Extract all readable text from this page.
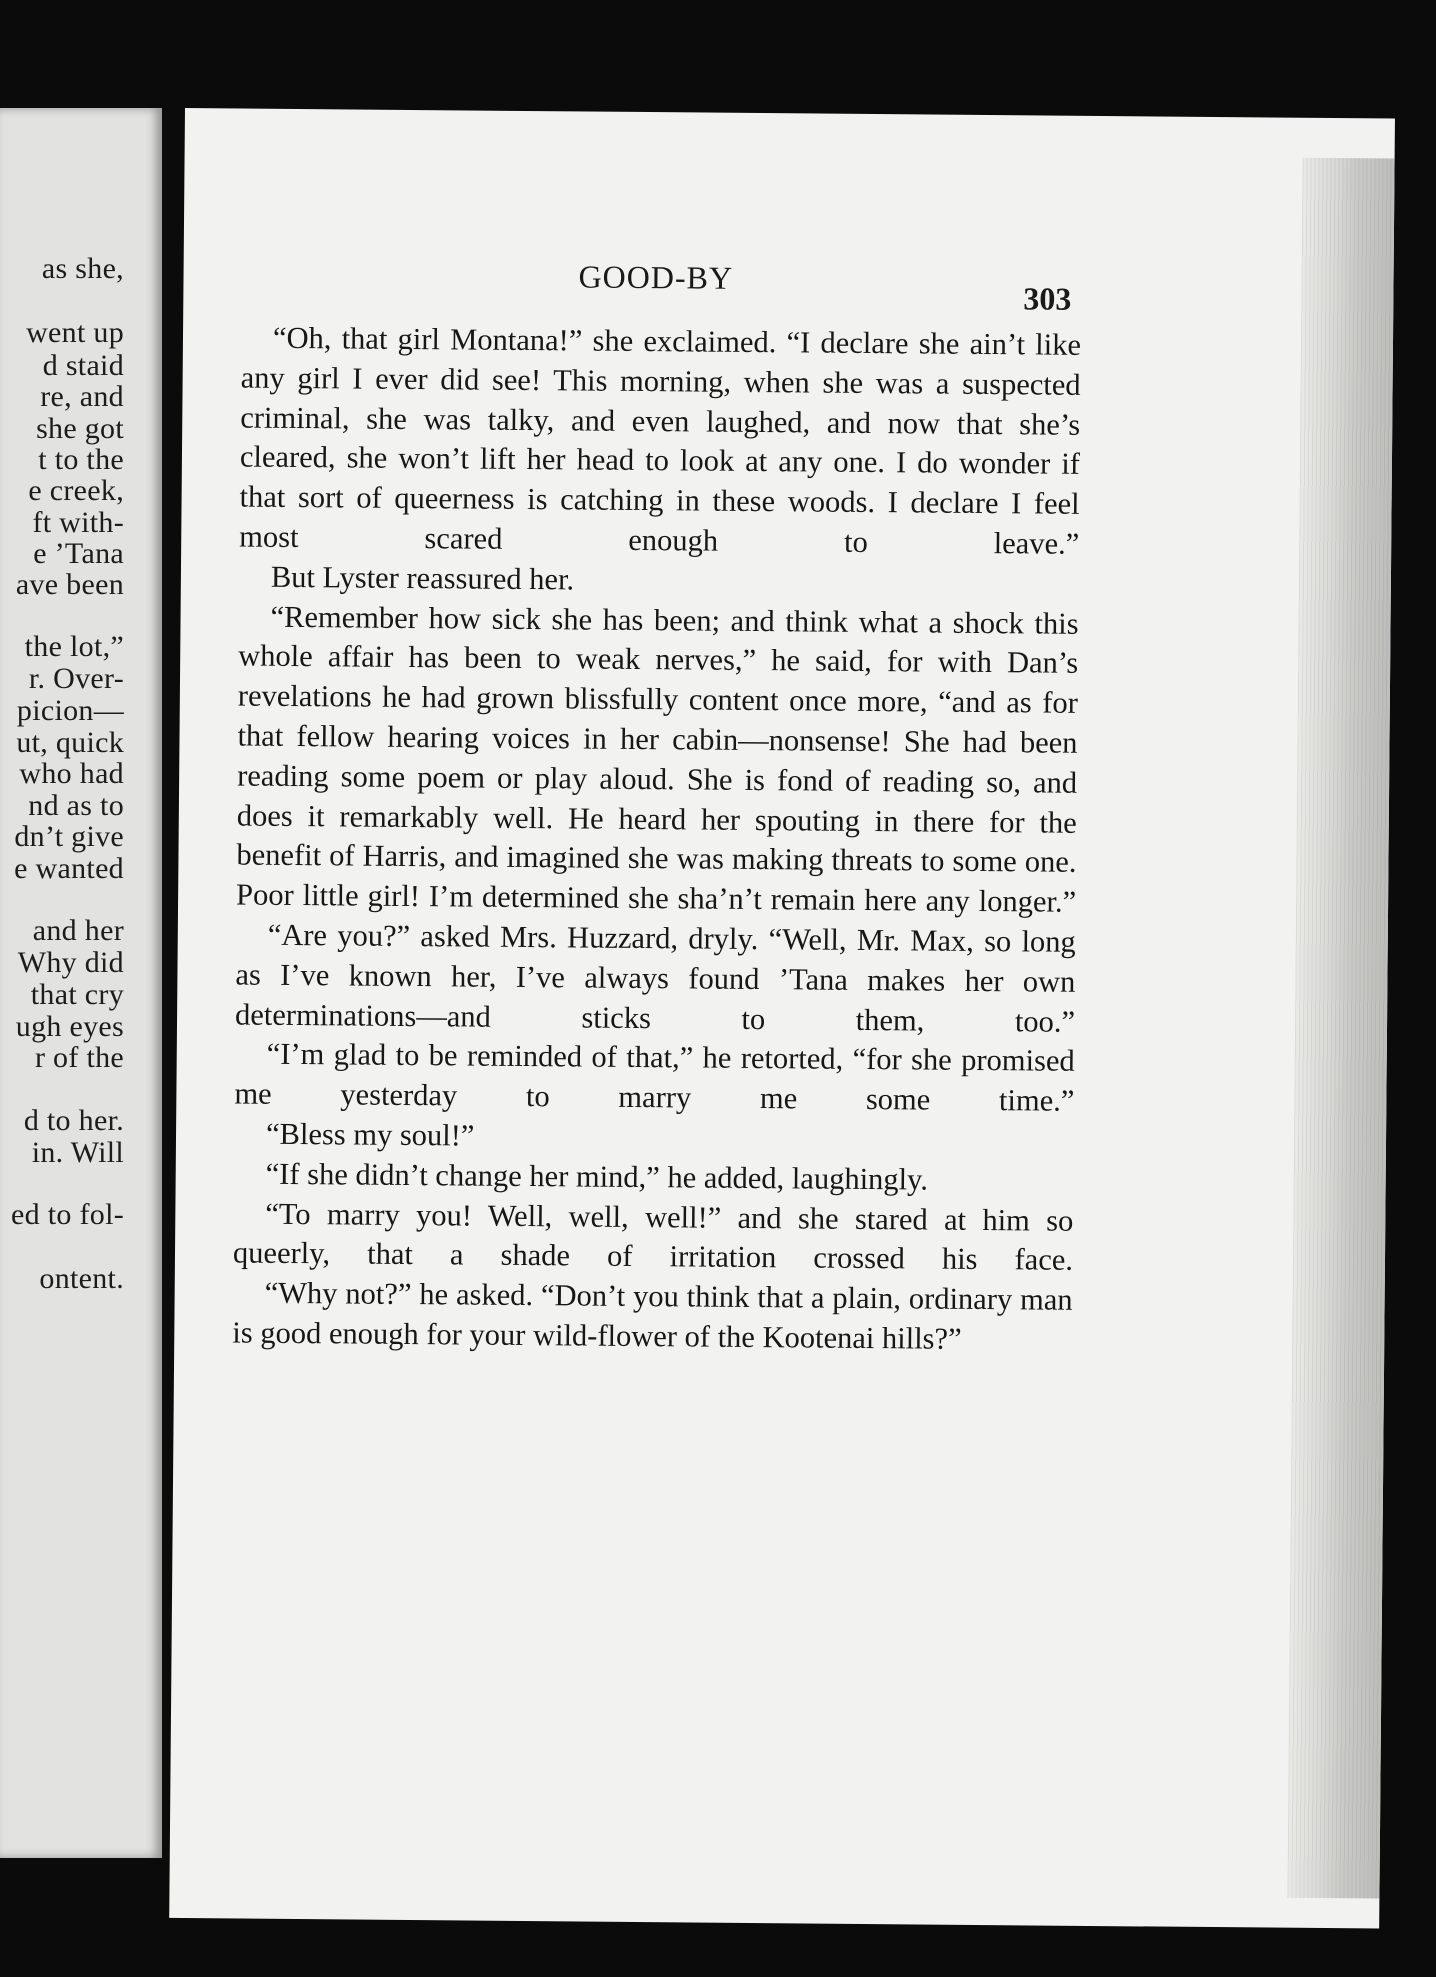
as she,
went up
d staid
re, and
she got
t to the
e creek,
ft with-
e ’Tana
ave been
the lot,”
r. Over-
picion—
ut, quick
who had
nd as to
dn’t give
e wanted
and her
Why did
that cry
ugh eyes
r of the
d to her.
in. Will
ed to fol-
ontent.
GOOD-BY
303

“Oh, that girl Montana!” she exclaimed. “I declare she ain’t like any girl I ever did see! This morning, when she was a suspected criminal, she was talky, and even laughed, and now that she’s cleared, she won’t lift her head to look at any one. I do wonder if that sort of queerness is catching in these woods. I declare I feel most scared enough to leave.”

But Lyster reassured her.

“Remember how sick she has been; and think what a shock this whole affair has been to weak nerves,” he said, for with Dan’s revelations he had grown blissfully content once more, “and as for that fellow hearing voices in her cabin—nonsense! She had been reading some poem or play aloud. She is fond of reading so, and does it remarkably well. He heard her spouting in there for the benefit of Harris, and imagined she was making threats to some one. Poor little girl! I’m determined she sha’n’t remain here any longer.”

“Are you?” asked Mrs. Huzzard, dryly. “Well, Mr. Max, so long as I’ve known her, I’ve always found ’Tana makes her own determinations—and sticks to them, too.”

“I’m glad to be reminded of that,” he retorted, “for she promised me yesterday to marry me some time.”

“Bless my soul!”

“If she didn’t change her mind,” he added, laughingly.

“To marry you! Well, well, well!” and she stared at him so queerly, that a shade of irritation crossed his face.

“Why not?” he asked. “Don’t you think that a plain, ordinary man is good enough for your wild-flower of the Kootenai hills?”
